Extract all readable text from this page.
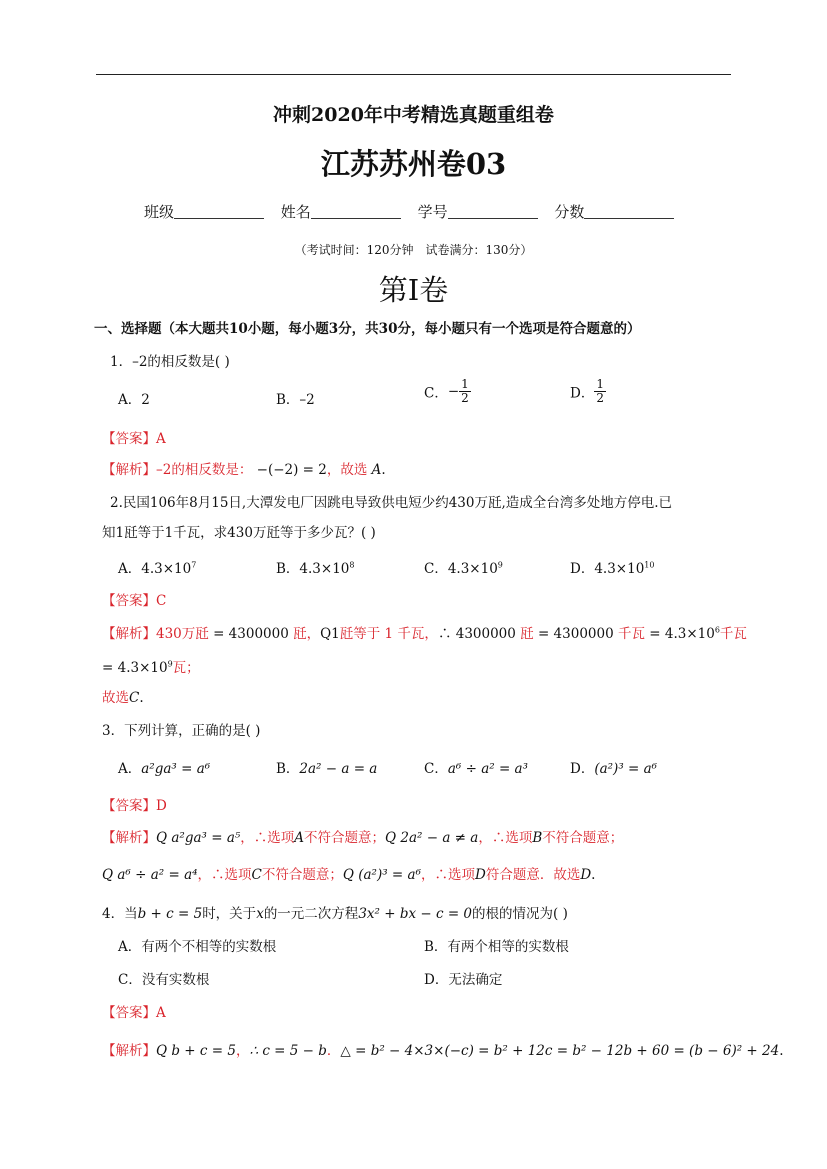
冲刺2020年中考精选真题重组卷
江苏苏州卷03
班级	姓名	学号	分数
（考试时间：120分钟　试卷满分：130分）
第Ⅰ卷
一、选择题（本大题共10小题，每小题3分，共30分，每小题只有一个选项是符合题意的）
1．–2的相反数是( )
A．2	B．–2	C．− $\frac{1}{2}$	D． $\frac{1}{2}$
【答案】A
【解析】–2的相反数是： −(−2) = 2，故选 A.
2.民国106年8月15日,大潭发电厂因跳电导致供电短少约430万瓩,造成全台湾多处地方停电.已
知1瓩等于1千瓦，求430万瓩等于多少瓦？( )
A．$4.3\times 10^7$	B．$4.3\times 10^8$	C．$4.3\times 10^9$	D．$4.3\times 10^{10}$
【答案】C
【解析】430万瓩 = 4300000 瓩，Q1瓩等于 1 千瓦，∴ 4300000 瓩 = 4300000 千瓦 = $4.3\times 10^6$千瓦
= $4.3\times 10^9$瓦；
故选C.
3．下列计算，正确的是( )
A．a²ga³ = a⁶	B．2a² − a = a	C．a⁶ ÷ a² = a³	D．(a²)³ = a⁶
【答案】D
【解析】Q a²ga³ = a⁵，∴选项A不符合题意；Q 2a² − a ≠ a，∴选项B不符合题意；
Q a⁶ ÷ a² = a⁴，∴选项C不符合题意；Q (a²)³ = a⁶，∴选项D符合题意．故选D.
4．当b + c = 5时，关于x的一元二次方程3x² + bx − c = 0的根的情况为( )
A．有两个不相等的实数根	B．有两个相等的实数根
C．没有实数根	D．无法确定
【答案】A
【解析】Q b + c = 5，∴ c = 5 − b．△ = b² − 4×3×(−c) = b² + 12c = b² − 12b + 60 = (b − 6)² + 24.
